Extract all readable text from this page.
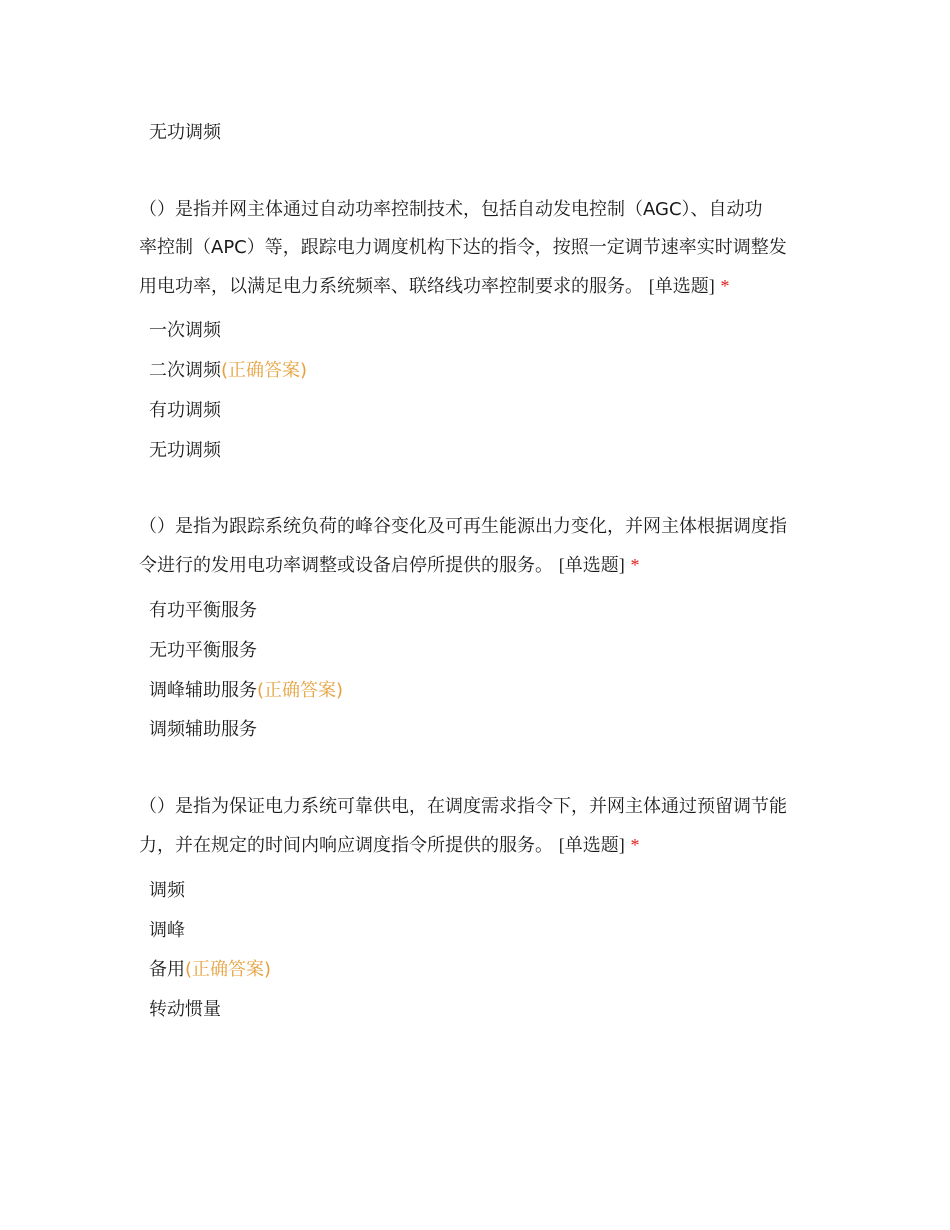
无功调频
（）是指并网主体通过自动功率控制技术，包括自动发电控制（AGC）、自动功
率控制（APC）等，跟踪电力调度机构下达的指令，按照一定调节速率实时调整发
用电功率，以满足电力系统频率、联络线功率控制要求的服务。 [单选题] *
一次调频
二次调频(正确答案)
有功调频
无功调频
（）是指为跟踪系统负荷的峰谷变化及可再生能源出力变化，并网主体根据调度指
令进行的发用电功率调整或设备启停所提供的服务。 [单选题] *
有功平衡服务
无功平衡服务
调峰辅助服务(正确答案)
调频辅助服务
（）是指为保证电力系统可靠供电，在调度需求指令下，并网主体通过预留调节能
力，并在规定的时间内响应调度指令所提供的服务。 [单选题] *
调频
调峰
备用(正确答案)
转动惯量
